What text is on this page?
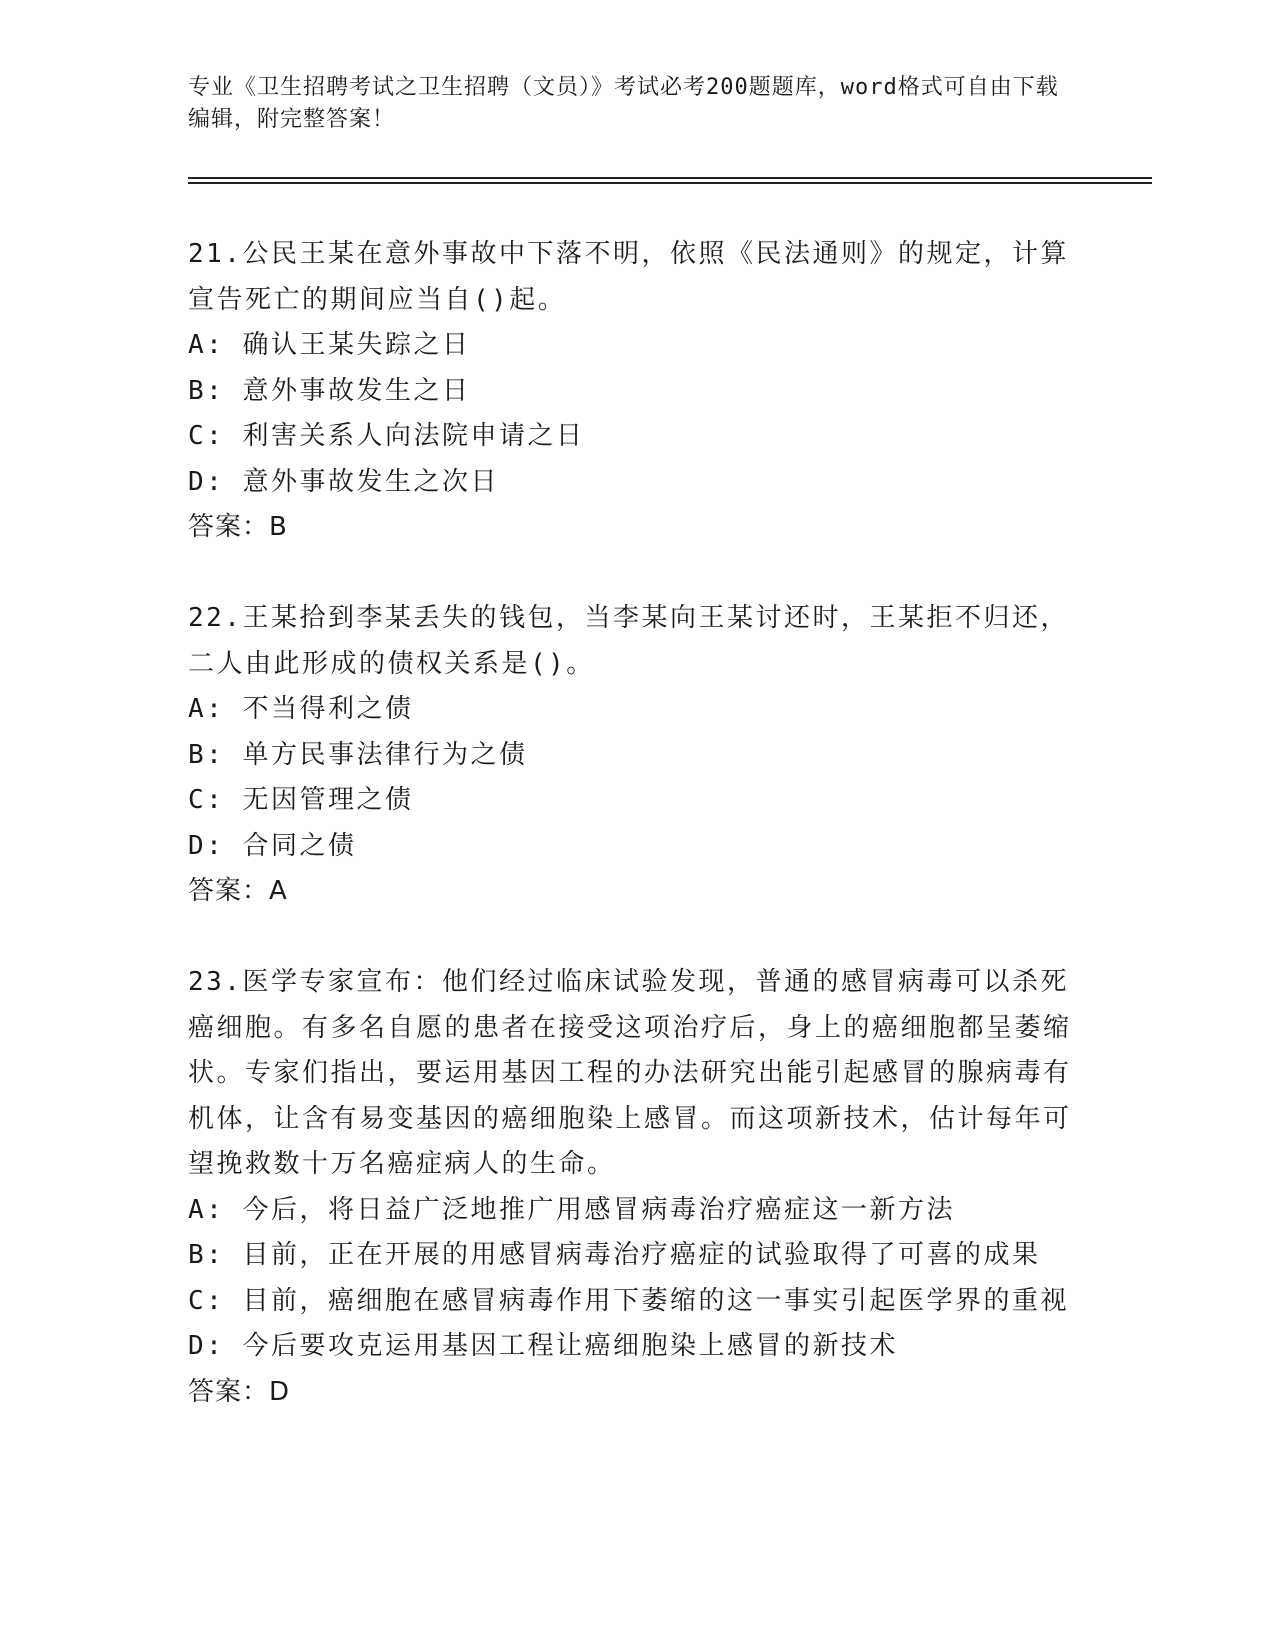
专业《卫生招聘考试之卫生招聘（文员）》考试必考200题题库，word格式可自由下载编辑，附完整答案！

21.公民王某在意外事故中下落不明，依照《民法通则》的规定，计算宣告死亡的期间应当自()起。

A: 确认王某失踪之日
B: 意外事故发生之日
C: 利害关系人向法院申请之日
D: 意外事故发生之次日
答案：B

22.王某拾到李某丢失的钱包，当李某向王某讨还时，王某拒不归还，二人由此形成的债权关系是()。

A: 不当得利之债
B: 单方民事法律行为之债
C: 无因管理之债
D: 合同之债
答案：A

23.医学专家宣布：他们经过临床试验发现，普通的感冒病毒可以杀死癌细胞。有多名自愿的患者在接受这项治疗后，身上的癌细胞都呈萎缩状。专家们指出，要运用基因工程的办法研究出能引起感冒的腺病毒有机体，让含有易变基因的癌细胞染上感冒。而这项新技术，估计每年可望挽救数十万名癌症病人的生命。

A: 今后，将日益广泛地推广用感冒病毒治疗癌症这一新方法
B: 目前，正在开展的用感冒病毒治疗癌症的试验取得了可喜的成果
C: 目前，癌细胞在感冒病毒作用下萎缩的这一事实引起医学界的重视
D: 今后要攻克运用基因工程让癌细胞染上感冒的新技术
答案：D
